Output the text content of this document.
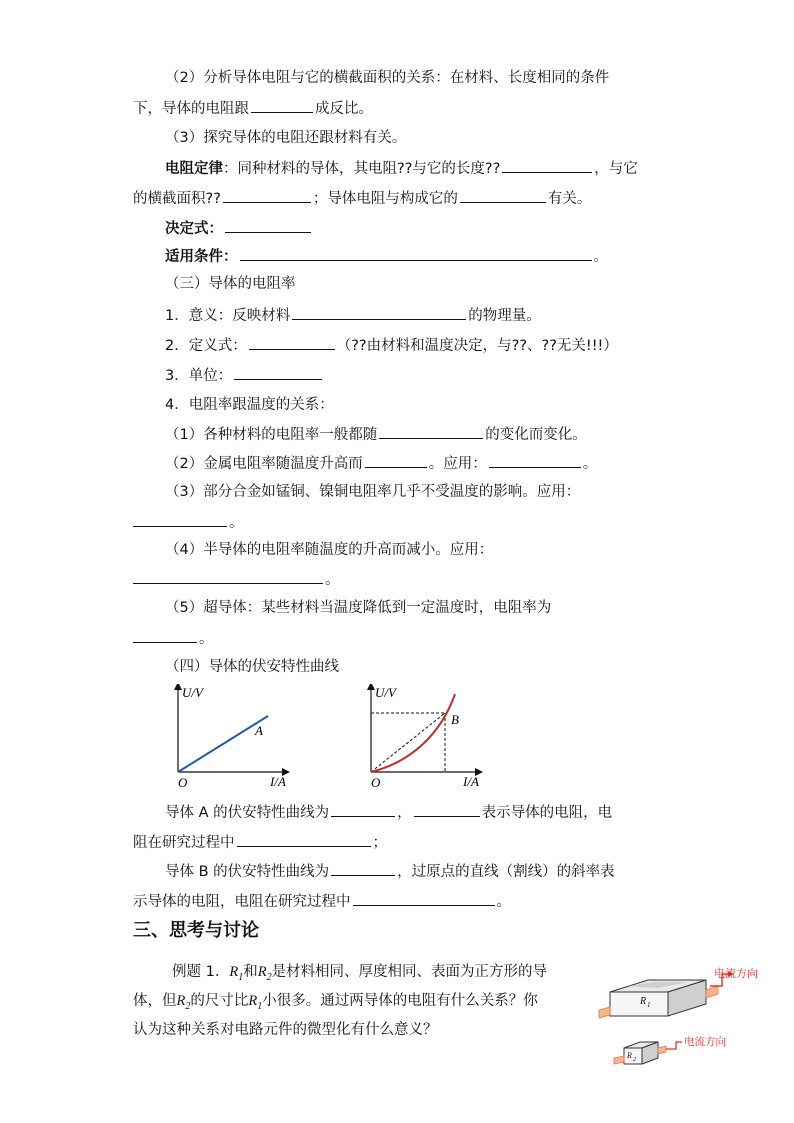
（2）分析导体电阻与它的横截面积的关系：在材料、长度相同的条件
下，导体的电阻跟	成反比。
（3）探究导体的电阻还跟材料有关。
电阻定律：同种材料的导体，其电阻??与它的长度??	，与它
的横截面积??	；导体电阻与构成它的	有关。
决定式：
适用条件：	。
（三）导体的电阻率
1．意义：反映材料	的物理量。
2．定义式：	（??由材料和温度决定，与??、??无关!!!）
3．单位：
4．电阻率跟温度的关系：
（1）各种材料的电阻率一般都随	的变化而变化。
（2）金属电阻率随温度升高而	。应用：	。
（3）部分合金如锰铜、镍铜电阻率几乎不受温度的影响。应用：
。
（4）半导体的电阻率随温度的升高而减小。应用：
。
（5）超导体：某些材料当温度降低到一定温度时，电阻率为
。
（四）导体的伏安特性曲线
U/V
I/A
O
A
U/V
I/A
O
B
导体 A 的伏安特性曲线为	，	表示导体的电阻，电
阻在研究过程中	；
导体 B 的伏安特性曲线为	，过原点的直线（割线）的斜率表
示导体的电阻，电阻在研究过程中	。
三、思考与讨论
例题 1．$R_1$和$R_2$是材料相同、厚度相同、表面为正方形的导
体，但$R_2$的尺寸比$R_1$小很多。通过两导体的电阻有什么关系？你
认为这种关系对电路元件的微型化有什么意义？
R 1
电流方向
R 2
电流方向
